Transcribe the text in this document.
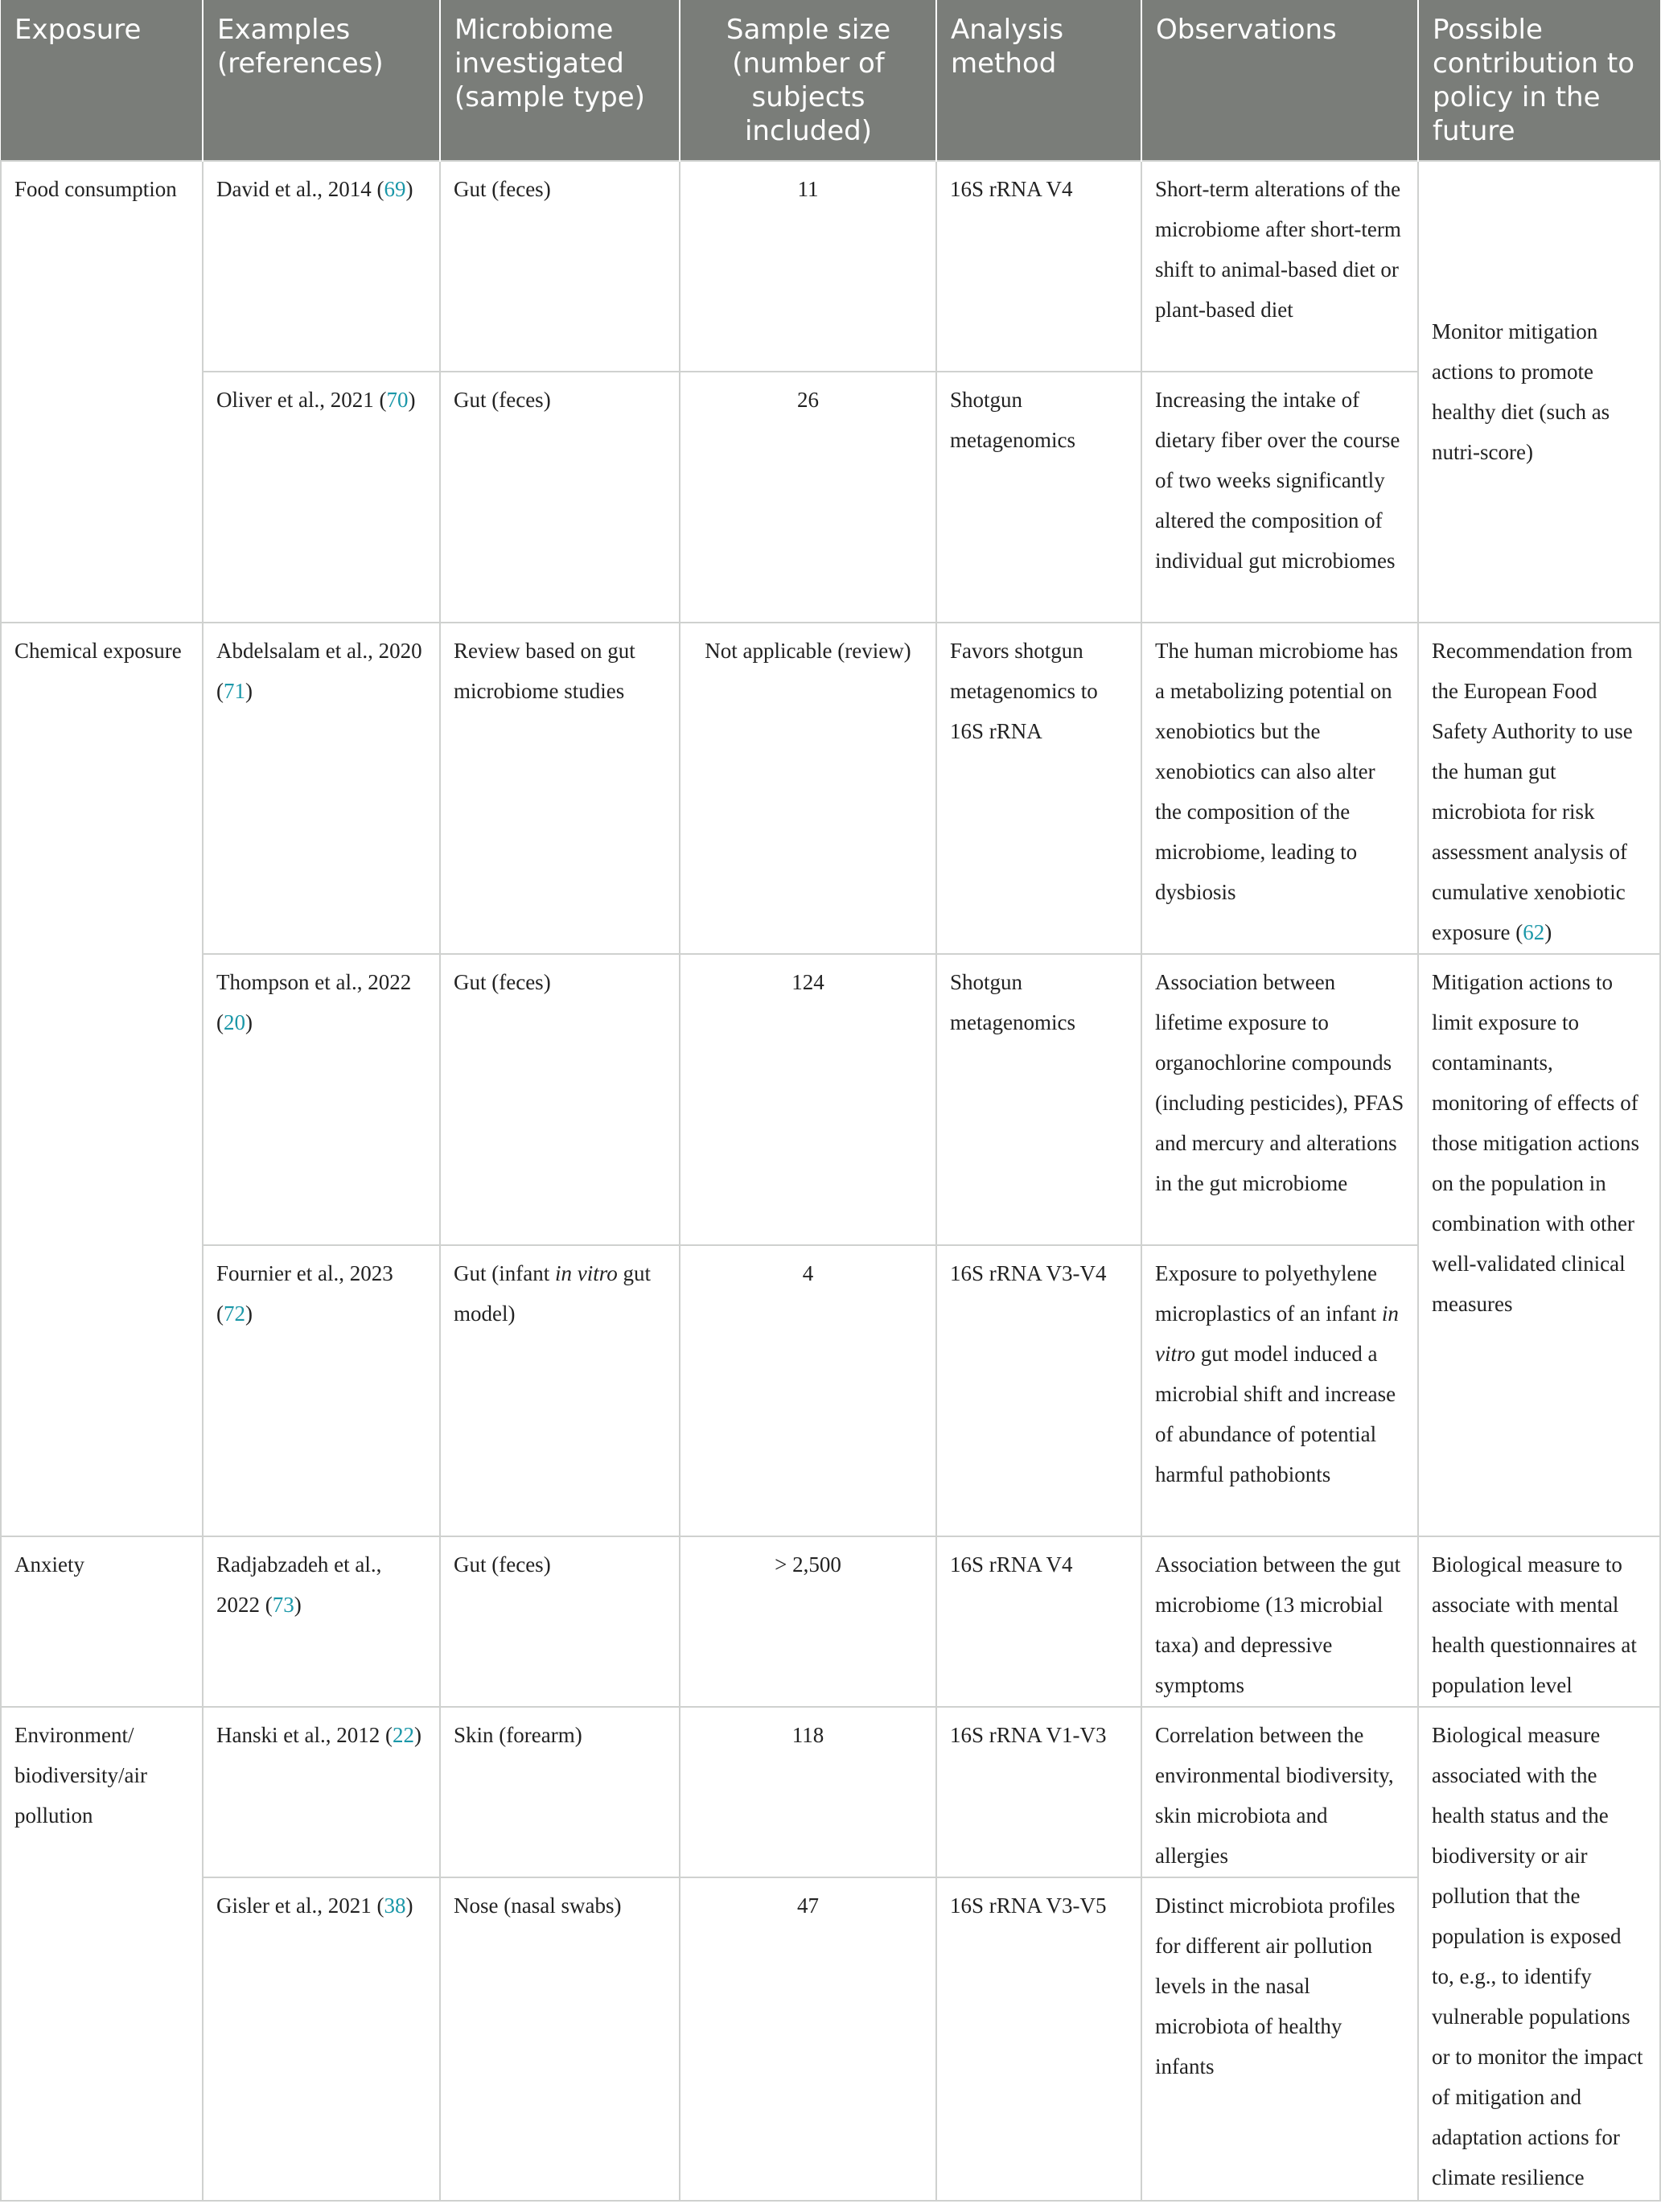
Exposure	Examples (references)	Microbiome investigated (sample type)	Sample size (number of subjects included)	Analysis method	Observations	Possible contribution to policy in the future
Food consumption	David et al., 2014 (69)	Gut (feces)	11	16S rRNA V4	Short-term alterations of the microbiome after short-term shift to animal-based diet or plant-based diet	Monitor mitigation actions to promote healthy diet (such as nutri-score)
	Oliver et al., 2021 (70)	Gut (feces)	26	Shotgun metagenomics	Increasing the intake of dietary fiber over the course of two weeks significantly altered the composition of individual gut microbiomes	
Chemical exposure	Abdelsalam et al., 2020 (71)	Review based on gut microbiome studies	Not applicable (review)	Favors shotgun metagenomics to 16S rRNA	The human microbiome has a metabolizing potential on xenobiotics but the xenobiotics can also alter the composition of the microbiome, leading to dysbiosis	Recommendation from the European Food Safety Authority to use the human gut microbiota for risk assessment analysis of cumulative xenobiotic exposure (62)
	Thompson et al., 2022 (20)	Gut (feces)	124	Shotgun metagenomics	Association between lifetime exposure to organochlorine compounds (including pesticides), PFAS and mercury and alterations in the gut microbiome	Mitigation actions to limit exposure to contaminants, monitoring of effects of those mitigation actions on the population in combination with other well-validated clinical measures
	Fournier et al., 2023 (72)	Gut (infant in vitro gut model)	4	16S rRNA V3-V4	Exposure to polyethylene microplastics of an infant in vitro gut model induced a microbial shift and increase of abundance of potential harmful pathobionts	
Anxiety	Radjabzadeh et al., 2022 (73)	Gut (feces)	> 2,500	16S rRNA V4	Association between the gut microbiome (13 microbial taxa) and depressive symptoms	Biological measure to associate with mental health questionnaires at population level
Environment/ biodiversity/air pollution	Hanski et al., 2012 (22)	Skin (forearm)	118	16S rRNA V1-V3	Correlation between the environmental biodiversity, skin microbiota and allergies	Biological measure associated with the health status and the biodiversity or air pollution that the population is exposed to, e.g., to identify vulnerable populations or to monitor the impact of mitigation and adaptation actions for climate resilience
	Gisler et al., 2021 (38)	Nose (nasal swabs)	47	16S rRNA V3-V5	Distinct microbiota profiles for different air pollution levels in the nasal microbiota of healthy infants	
